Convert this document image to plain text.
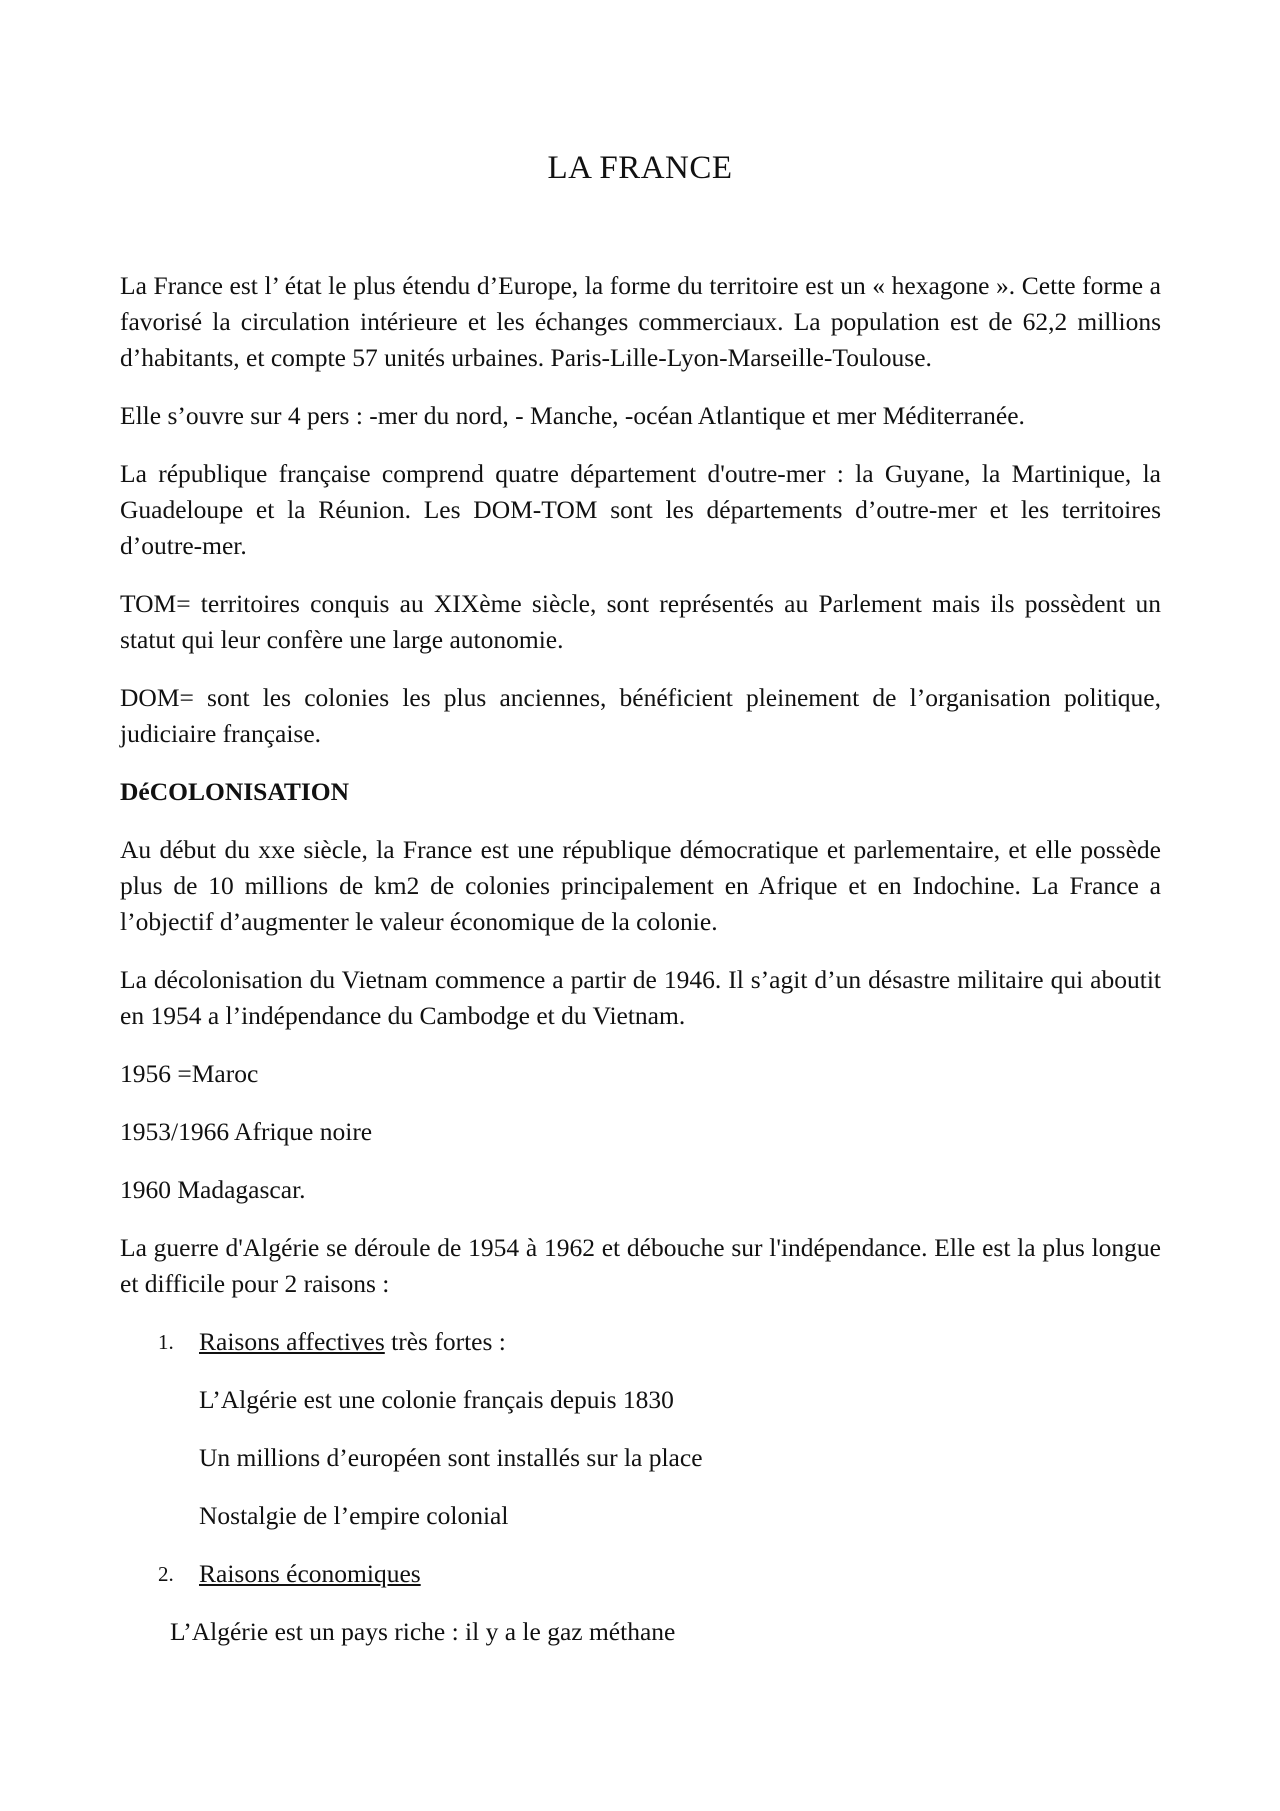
LA FRANCE

La France est l’ état le plus étendu d’Europe, la forme du territoire est un « hexagone ». Cette forme a favorisé la circulation intérieure et les échanges commerciaux. La population est de 62,2 millions d’habitants, et compte 57 unités urbaines. Paris-Lille-Lyon-Marseille-Toulouse.

Elle s’ouvre sur 4 pers : -mer du nord, - Manche, -océan Atlantique et mer Méditerranée.

La république française comprend quatre département d'outre-mer : la Guyane, la Martinique, la Guadeloupe et la Réunion. Les DOM-TOM sont les départements d’outre-mer et les territoires d’outre-mer.

TOM= territoires conquis au XIXème siècle, sont représentés au Parlement mais ils possèdent un statut qui leur confère une large autonomie.

DOM= sont les colonies les plus anciennes, bénéficient pleinement de l’organisation politique, judiciaire française.

DéCOLONISATION

Au début du xxe siècle, la France est une république démocratique et parlementaire, et elle possède plus de 10 millions de km2 de colonies principalement en Afrique et en Indochine. La France a l’objectif d’augmenter le valeur économique de la colonie.

La décolonisation du Vietnam commence a partir de 1946. Il s’agit d’un désastre militaire qui aboutit en 1954 a l’indépendance du Cambodge et du Vietnam.

1956 =Maroc

1953/1966 Afrique noire

1960 Madagascar.

La guerre d'Algérie se déroule de 1954 à 1962 et débouche sur l'indépendance. Elle est la plus longue et difficile pour 2 raisons :

1. Raisons affectives très fortes :

L’Algérie est une colonie français depuis 1830

Un millions d’européen sont installés sur la place

Nostalgie de l’empire colonial

2. Raisons économiques

L’Algérie est un pays riche : il y a le gaz méthane
